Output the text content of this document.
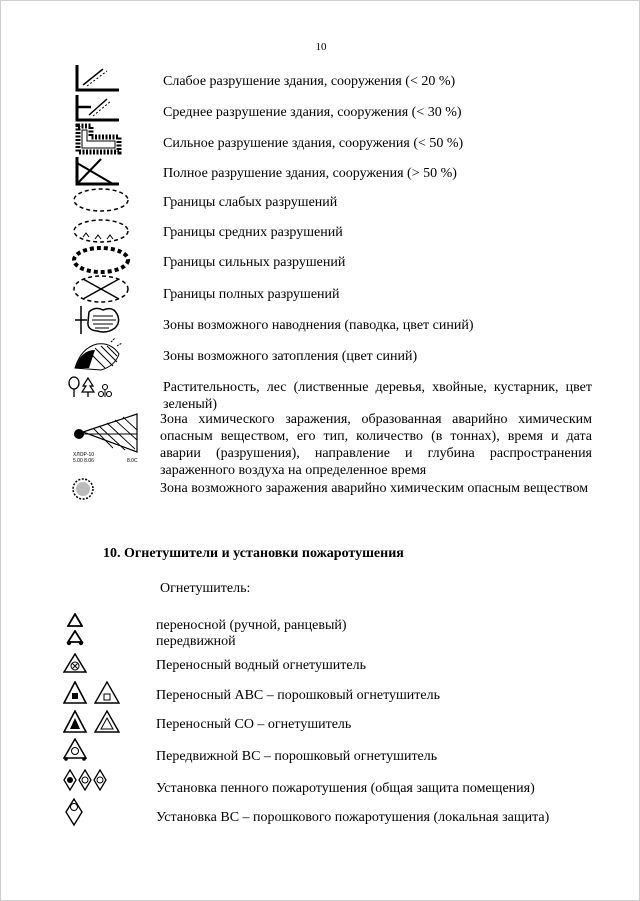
10
Слабое разрушение здания, сооружения (< 20 %)
Среднее разрушение здания, сооружения (< 30 %)
Сильное разрушение здания, сооружения (< 50 %)
Полное разрушение здания, сооружения (> 50 %)
Границы слабых разрушений
Границы средних разрушений
Границы сильных разрушений
Границы полных разрушений
Зоны возможного наводнения (паводка, цвет синий)
Зоны возможного затопления (цвет синий)
Растительность, лес (лиственные деревья, хвойные, кустарник, цвет зеленый)
ХЛОР-10
5.00 8.06	8.0С
Зона химического заражения, образованная аварийно химическим опасным веществом, его тип, количество (в тоннах), время и дата аварии (разрушения), направление и глубина распространения зараженного воздуха на определенное время
Зона возможного заражения аварийно химическим опасным веществом
10. Огнетушители и установки пожаротушения
Огнетушитель:
переносной (ручной, ранцевый)
передвижной
Переносный водный огнетушитель
Переносный АВС – порошковый огнетушитель
Переносный СО – огнетушитель
Передвижной ВС – порошковый огнетушитель
Установка пенного пожаротушения (общая защита помещения)
Установка ВС – порошкового пожаротушения (локальная защита)
